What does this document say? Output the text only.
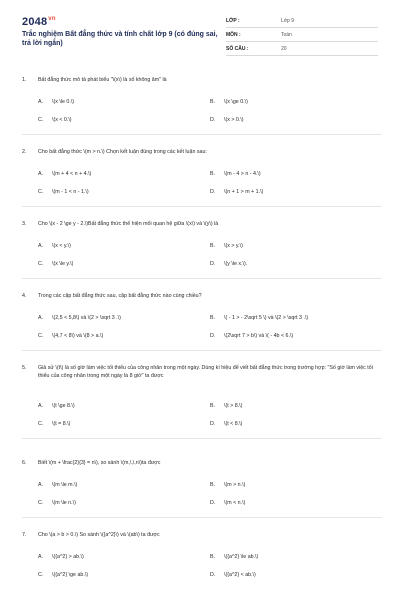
$2048^{vn}$
Trắc nghiệm Bất đẳng thức và tính chất lớp 9 (có đúng sai, trả lời ngắn)
LỚP :	Lớp 9
MÔN :	Toán
SỐ CÂU :	20
1. Bất đẳng thức mô tả phát biểu "\(x\) là số không âm" là
A. \(x \le 0.\)	B. \(x \ge 0.\)
C. \(x < 0.\)	D. \(x > 0.\)
2. Cho bất đẳng thức \(m > n.\) Chọn kết luận đúng trong các kết luận sau:
A. \(m + 4 < n + 4.\)	B. \(m - 4 > n - 4.\)
C. \(m - 1 < n - 1.\)	D. \(n + 1 > m + 1.\)
3. Cho \(x - 2 \ge y - 2.\)Bất đẳng thức thể hiện mối quan hệ giữa \(x\) và \(y\) là
A. \(x < y.\)	B. \(x > y.\)
C. \(x \le y.\)	D. \(y \le x.\).
4. Trong các cặp bất đẳng thức sau, cặp bất đẳng thức nào cùng chiều?
A. \(2,5 < 5,8\) và \(2 > \sqrt 3 .\)	B. \( - 1 > - 2\sqrt 5 \) và \(2 > \sqrt 3 .\)
C. \(4,7 < 8\) và \(8 > a.\)	D. \(2\sqrt 7 > b\) và \( - 4b < 6.\)
5. Giả sử \(t\) là số giờ làm việc tối thiểu của công nhân trong một ngày. Dùng kí hiệu để viết bất đẳng thức trong trường hợp: "Số giờ làm việc tối thiểu của công nhân trong một ngày là 8 giờ" ta được
A. \(t \ge 8.\)	B. \(t > 8.\)
C. \(t = 8.\)	D. \(t < 8.\)
6. Biết \(m + \frac{2}{3} = n\), so sánh \(m,\,\,n\)ta được
A. \(m \le m.\)	B. \(m > n.\)
C. \(m \le n.\)	D. \(m < n.\)
7. Cho \(a > b > 0.\) So sánh \({a^2}\) và \(ab\) ta được
A. \({a^2} > ab.\)	B. \({a^2} \le ab.\)
C. \({a^2} \ge ab.\)	D. \({a^2} < ab.\)
